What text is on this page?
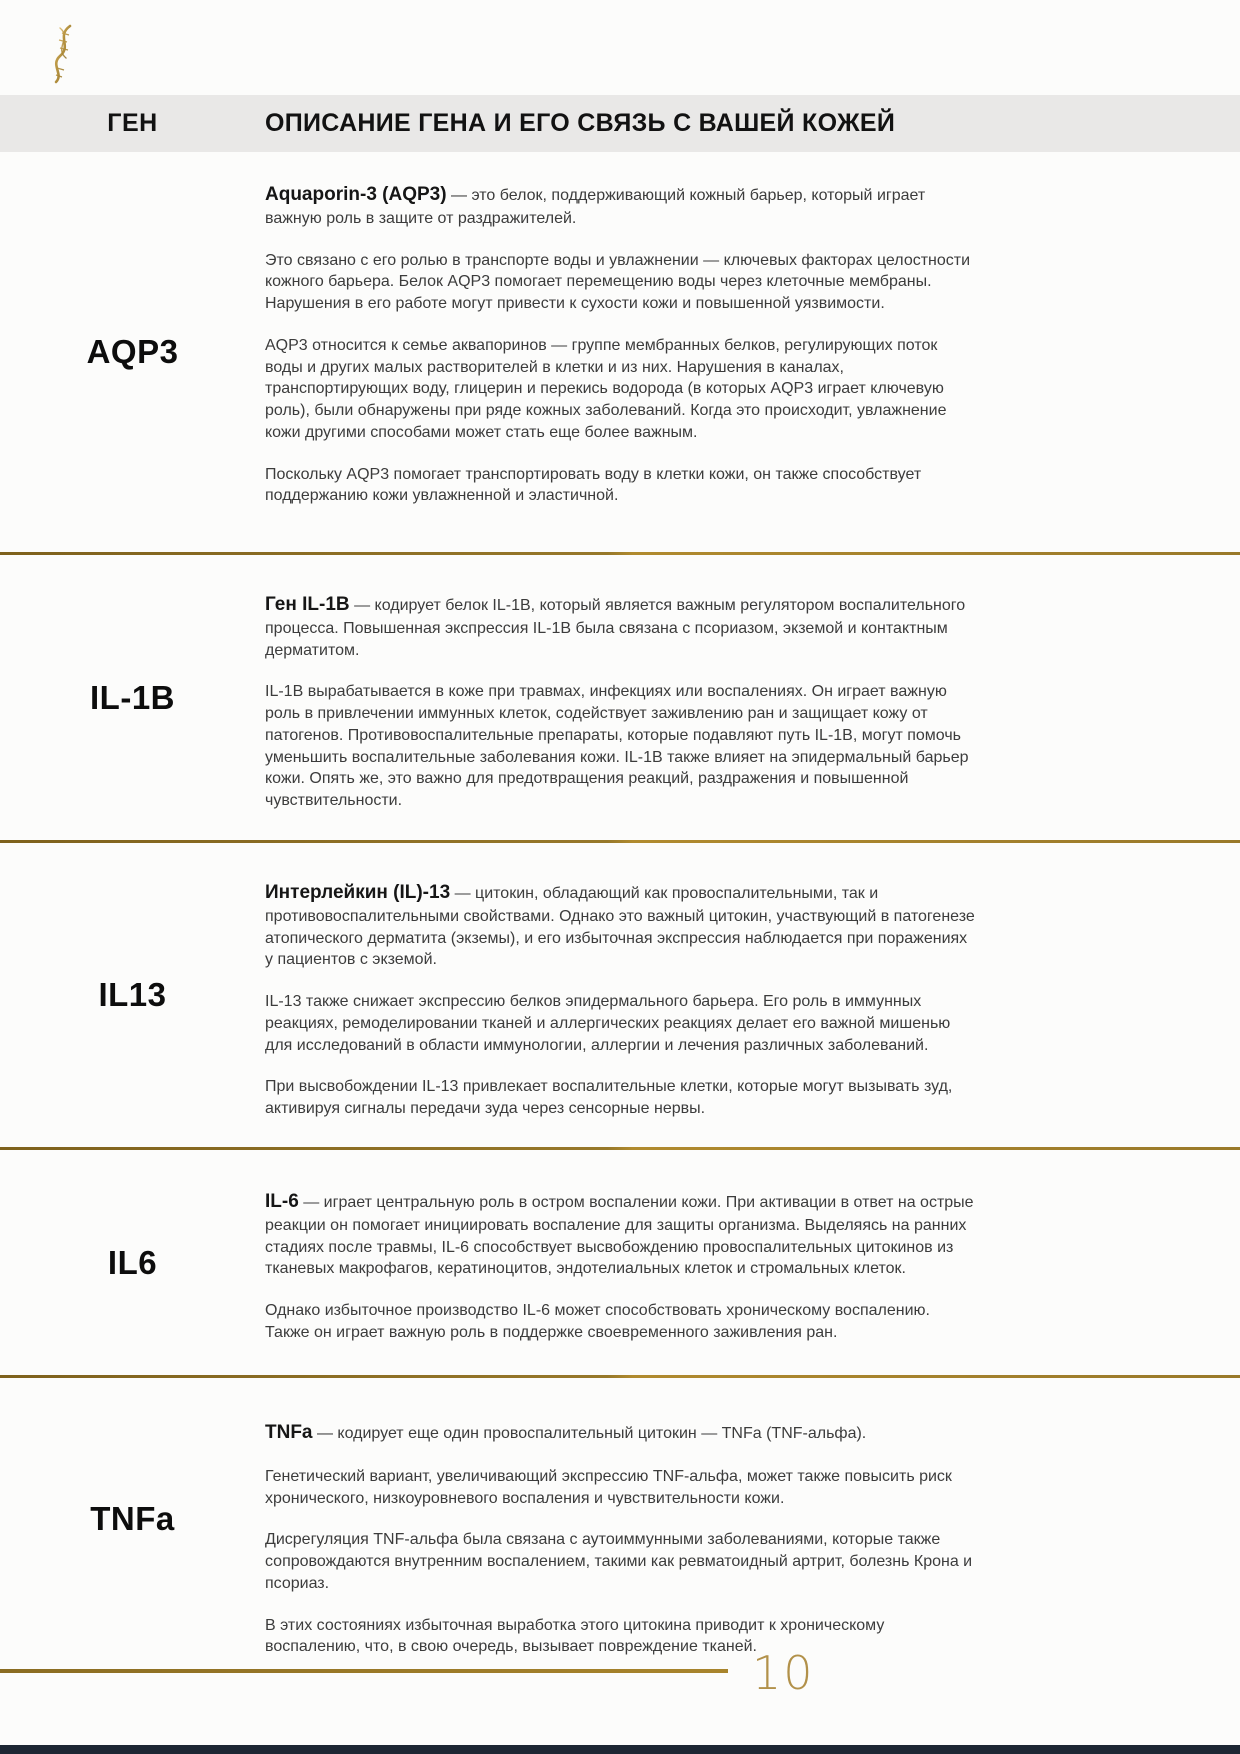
ГЕН	ОПИСАНИЕ ГЕНА И ЕГО СВЯЗЬ С ВАШЕЙ КОЖЕЙ
AQP3

Aquaporin-3 (AQP3) — это белок, поддерживающий кожный барьер, который играет важную роль в защите от раздражителей.

Это связано с его ролью в транспорте воды и увлажнении — ключевых факторах целостности кожного барьера. Белок AQP3 помогает перемещению воды через клеточные мембраны. Нарушения в его работе могут привести к сухости кожи и повышенной уязвимости.

AQP3 относится к семье аквапоринов — группе мембранных белков, регулирующих поток воды и других малых растворителей в клетки и из них. Нарушения в каналах, транспортирующих воду, глицерин и перекись водорода (в которых AQP3 играет ключевую роль), были обнаружены при ряде кожных заболеваний. Когда это происходит, увлажнение кожи другими способами может стать еще более важным.

Поскольку AQP3 помогает транспортировать воду в клетки кожи, он также способствует поддержанию кожи увлажненной и эластичной.

IL-1B

Ген IL-1B — кодирует белок IL-1B, который является важным регулятором воспалительного процесса. Повышенная экспрессия IL-1B была связана с псориазом, экземой и контактным дерматитом.

IL-1B вырабатывается в коже при травмах, инфекциях или воспалениях. Он играет важную роль в привлечении иммунных клеток, содействует заживлению ран и защищает кожу от патогенов. Противовоспалительные препараты, которые подавляют путь IL-1B, могут помочь уменьшить воспалительные заболевания кожи. IL-1B также влияет на эпидермальный барьер кожи. Опять же, это важно для предотвращения реакций, раздражения и повышенной чувствительности.

IL13

Интерлейкин (IL)-13 — цитокин, обладающий как провоспалительными, так и противовоспалительными свойствами. Однако это важный цитокин, участвующий в патогенезе атопического дерматита (экземы), и его избыточная экспрессия наблюдается при поражениях у пациентов с экземой.

IL-13 также снижает экспрессию белков эпидермального барьера. Его роль в иммунных реакциях, ремоделировании тканей и аллергических реакциях делает его важной мишенью для исследований в области иммунологии, аллергии и лечения различных заболеваний.

При высвобождении IL-13 привлекает воспалительные клетки, которые могут вызывать зуд, активируя сигналы передачи зуда через сенсорные нервы.

IL6

IL-6 — играет центральную роль в остром воспалении кожи. При активации в ответ на острые реакции он помогает инициировать воспаление для защиты организма. Выделяясь на ранних стадиях после травмы, IL-6 способствует высвобождению провоспалительных цитокинов из тканевых макрофагов, кератиноцитов, эндотелиальных клеток и стромальных клеток.

Однако избыточное производство IL-6 может способствовать хроническому воспалению. Также он играет важную роль в поддержке своевременного заживления ран.

TNFa

TNFa — кодирует еще один провоспалительный цитокин — TNFa (TNF-альфа).

Генетический вариант, увеличивающий экспрессию TNF-альфа, может также повысить риск хронического, низкоуровневого воспаления и чувствительности кожи.

Дисрегуляция TNF-альфа была связана с аутоиммунными заболеваниями, которые также сопровождаются внутренним воспалением, такими как ревматоидный артрит, болезнь Крона и псориаз.

В этих состояниях избыточная выработка этого цитокина приводит к хроническому воспалению, что, в свою очередь, вызывает повреждение тканей.

10
